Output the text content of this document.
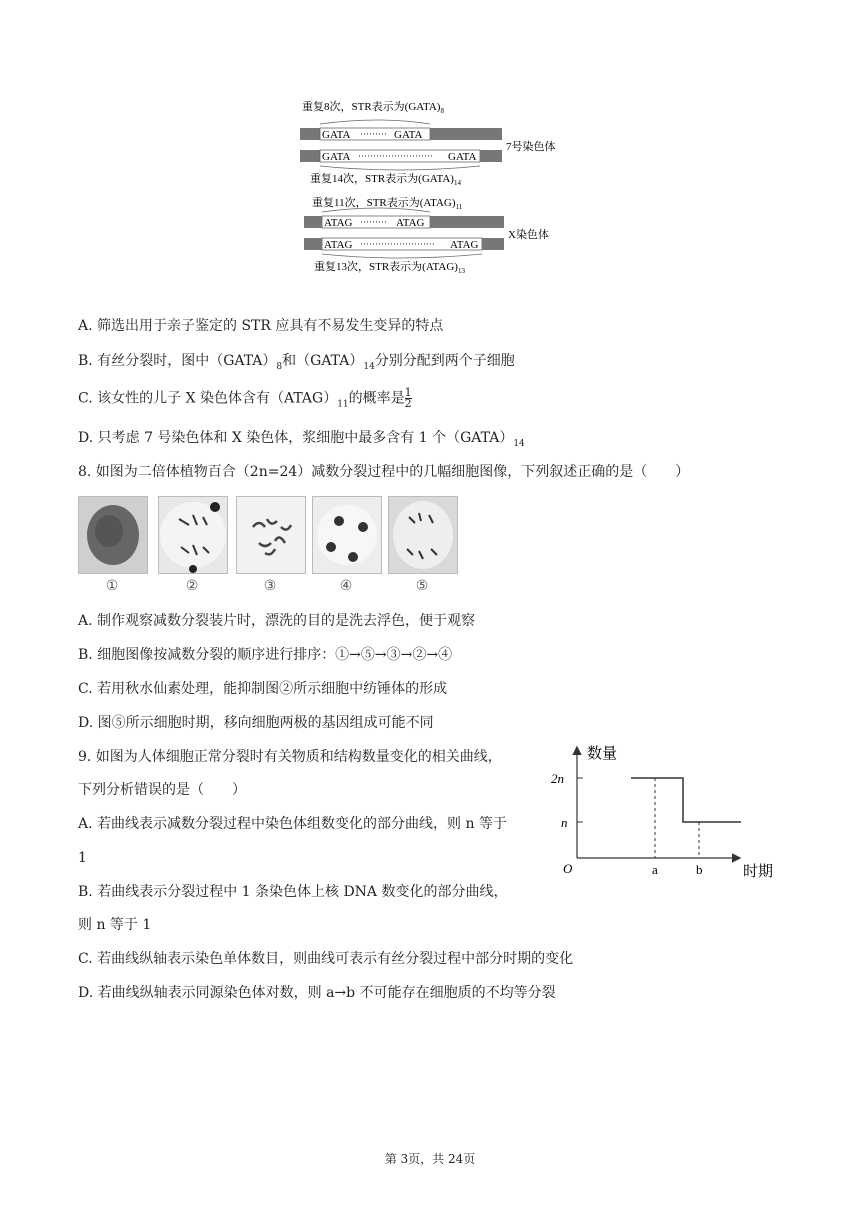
重复8次，STR表示为$(GATA)_8$
GATA ········· GATA
GATA ························· GATA
7号染色体
重复14次，STR表示为$(GATA)_{14}$
重复11次，STR表示为$(ATAG)_{11}$
ATAG ········· ATAG
ATAG ························· ATAG
X染色体
重复13次，STR表示为$(ATAG)_{13}$
A. 筛选出用于亲子鉴定的 STR 应具有不易发生变异的特点
B. 有丝分裂时，图中$(GATA)_8$和$(GATA)_{14}$分别分配到两个子细胞
C. 该女性的儿子 X 染色体含有$(ATAG)_{11}$的概率是 $\frac{1}{2}$
D. 只考虑 7 号染色体和 X 染色体，浆细胞中最多含有 1 个$(GATA)_{14}$
8. 如图为二倍体植物百合（2n=24）减数分裂过程中的几幅细胞图像，下列叙述正确的是（　　）
①	②	③	④	⑤
A. 制作观察减数分裂装片时，漂洗的目的是洗去浮色，便于观察
B. 细胞图像按减数分裂的顺序进行排序：①→⑤→③→②→④
C. 若用秋水仙素处理，能抑制图②所示细胞中纺锤体的形成
D. 图⑤所示细胞时期，移向细胞两极的基因组成可能不同
9. 如图为人体细胞正常分裂时有关物质和结构数量变化的相关曲线，
下列分析错误的是（　　）
A. 若曲线表示减数分裂过程中染色体组数变化的部分曲线，则 n 等于
1
B. 若曲线表示分裂过程中 1 条染色体上核 DNA 数变化的部分曲线，
则 n 等于 1
C. 若曲线纵轴表示染色单体数目，则曲线可表示有丝分裂过程中部分时期的变化
D. 若曲线纵轴表示同源染色体对数，则 a→b 不可能存在细胞质的不均等分裂
数量
时期
O
2n
n
a	b
第 3页，共 24页
